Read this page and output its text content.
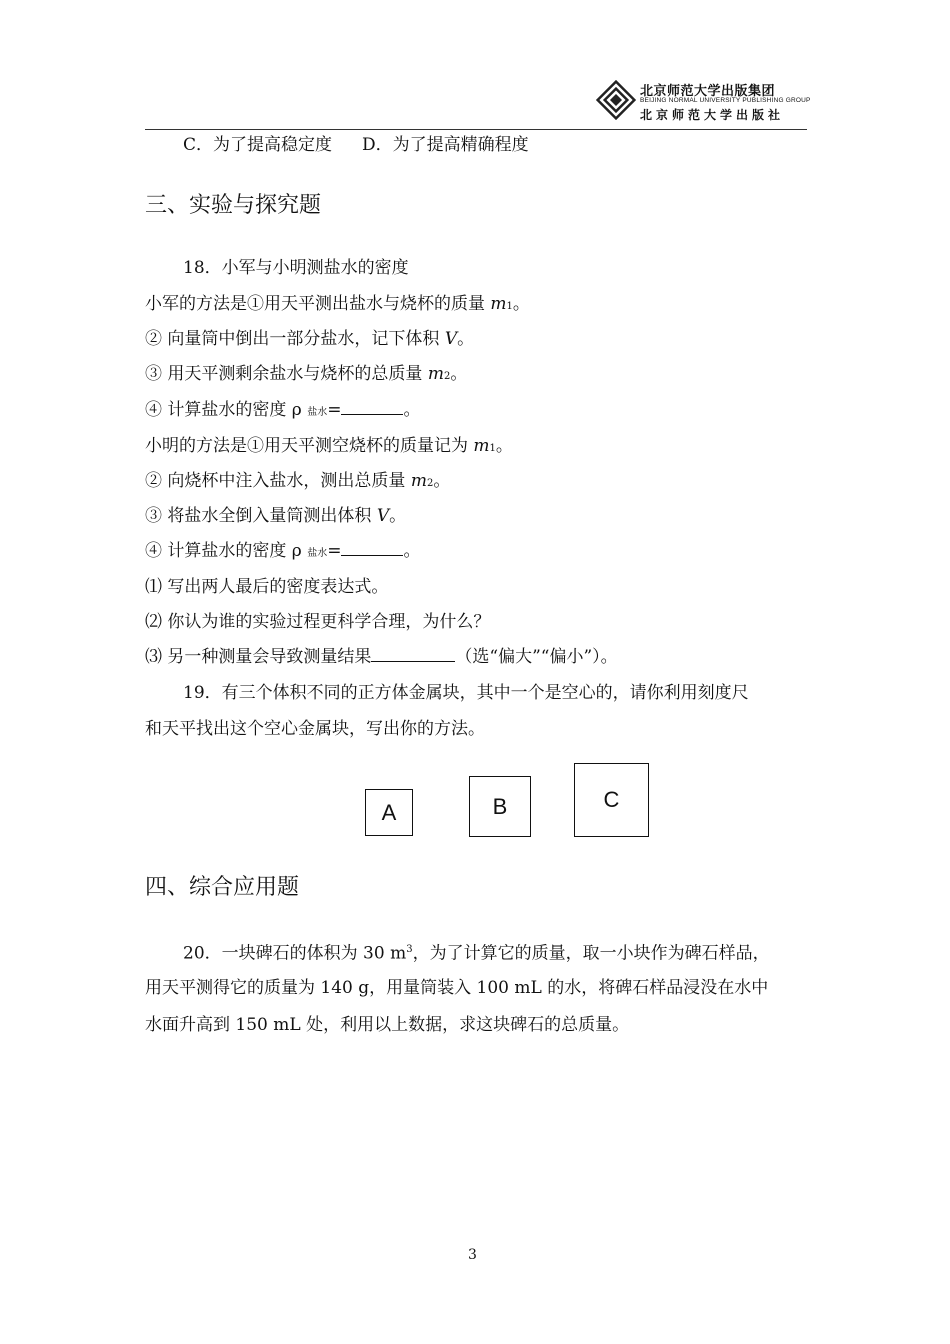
北京师范大学出版集团
BEIJING NORMAL UNIVERSITY PUBLISHING GROUP
北京师范大学出版社
C．为了提高稳定度 D．为了提高精确程度
三、实验与探究题
18．小军与小明测盐水的密度
小军的方法是①用天平测出盐水与烧杯的质量 m1。
② 向量筒中倒出一部分盐水，记下体积 V。
③ 用天平测剩余盐水与烧杯的总质量 m2。
④ 计算盐水的密度 ρ 盐水=	。
小明的方法是①用天平测空烧杯的质量记为 m1。
② 向烧杯中注入盐水，测出总质量 m2。
③ 将盐水全倒入量筒测出体积 V。
④ 计算盐水的密度 ρ 盐水=	。
⑴ 写出两人最后的密度表达式。
⑵ 你认为谁的实验过程更科学合理，为什么？
⑶ 另一种测量会导致测量结果	（选“偏大”“偏小”）。
19．有三个体积不同的正方体金属块，其中一个是空心的，请你利用刻度尺
和天平找出这个空心金属块，写出你的方法。
A	B	C
四、综合应用题
20．一块碑石的体积为 30 $m^3$，为了计算它的质量，取一小块作为碑石样品，
用天平测得它的质量为 140 g，用量筒装入 100 mL 的水，将碑石样品浸没在水中
水面升高到 150 mL 处，利用以上数据，求这块碑石的总质量。
3
